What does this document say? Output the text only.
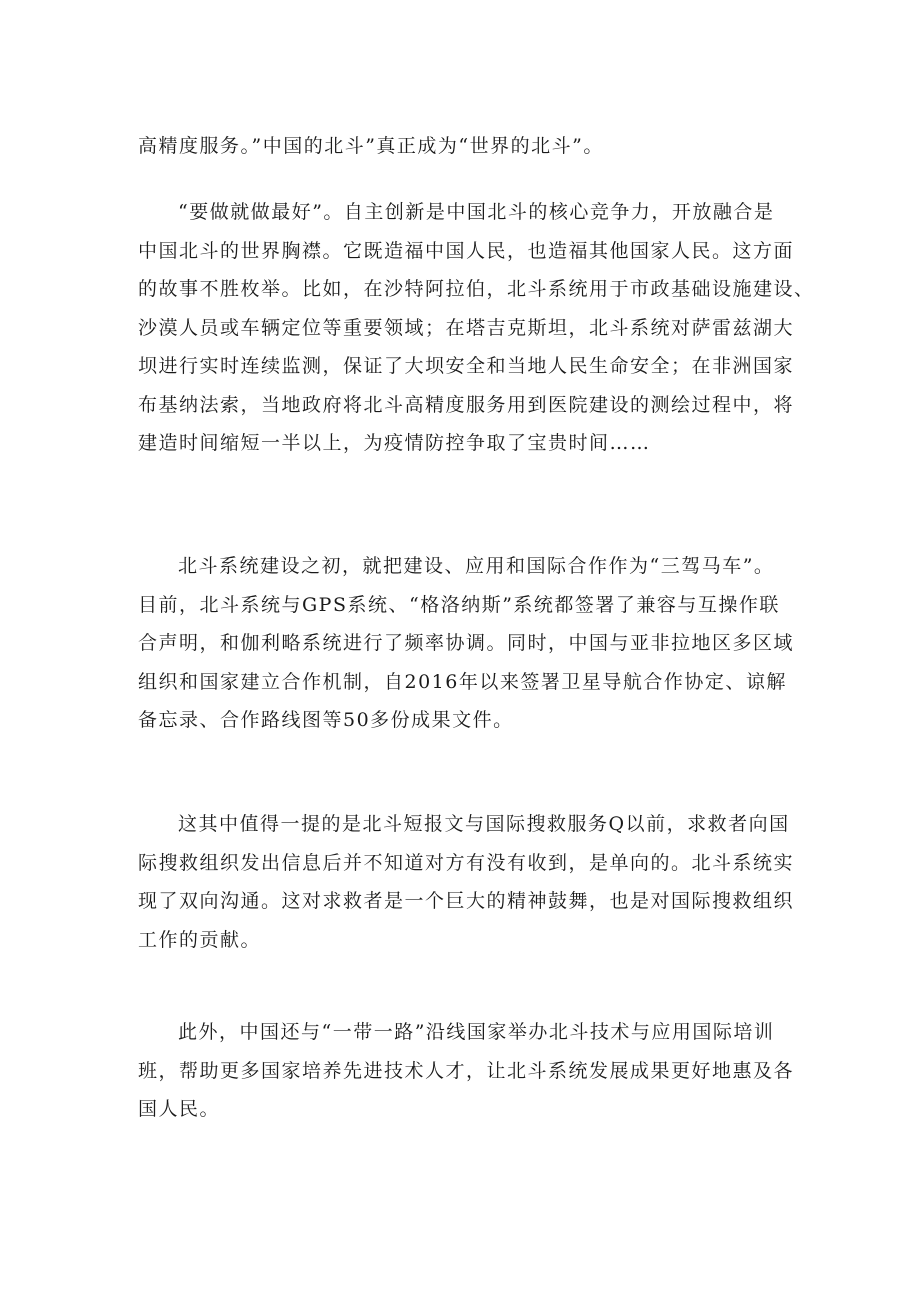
高精度服务。”中国的北斗”真正成为“世界的北斗”。
“要做就做最好”。自主创新是中国北斗的核心竞争力，开放融合是
中国北斗的世界胸襟。它既造福中国人民，也造福其他国家人民。这方面
的故事不胜枚举。比如，在沙特阿拉伯，北斗系统用于市政基础设施建设、
沙漠人员或车辆定位等重要领域；在塔吉克斯坦，北斗系统对萨雷兹湖大
坝进行实时连续监测，保证了大坝安全和当地人民生命安全；在非洲国家
布基纳法索，当地政府将北斗高精度服务用到医院建设的测绘过程中，将
建造时间缩短一半以上，为疫情防控争取了宝贵时间……
北斗系统建设之初，就把建设、应用和国际合作作为“三驾马车”。
目前，北斗系统与GPS系统、“格洛纳斯”系统都签署了兼容与互操作联
合声明，和伽利略系统进行了频率协调。同时，中国与亚非拉地区多区域
组织和国家建立合作机制，自2016年以来签署卫星导航合作协定、谅解
备忘录、合作路线图等50多份成果文件。
这其中值得一提的是北斗短报文与国际搜救服务Q以前，求救者向国
际搜救组织发出信息后并不知道对方有没有收到，是单向的。北斗系统实
现了双向沟通。这对求救者是一个巨大的精神鼓舞，也是对国际搜救组织
工作的贡献。
此外，中国还与“一带一路”沿线国家举办北斗技术与应用国际培训
班，帮助更多国家培养先进技术人才，让北斗系统发展成果更好地惠及各
国人民。
